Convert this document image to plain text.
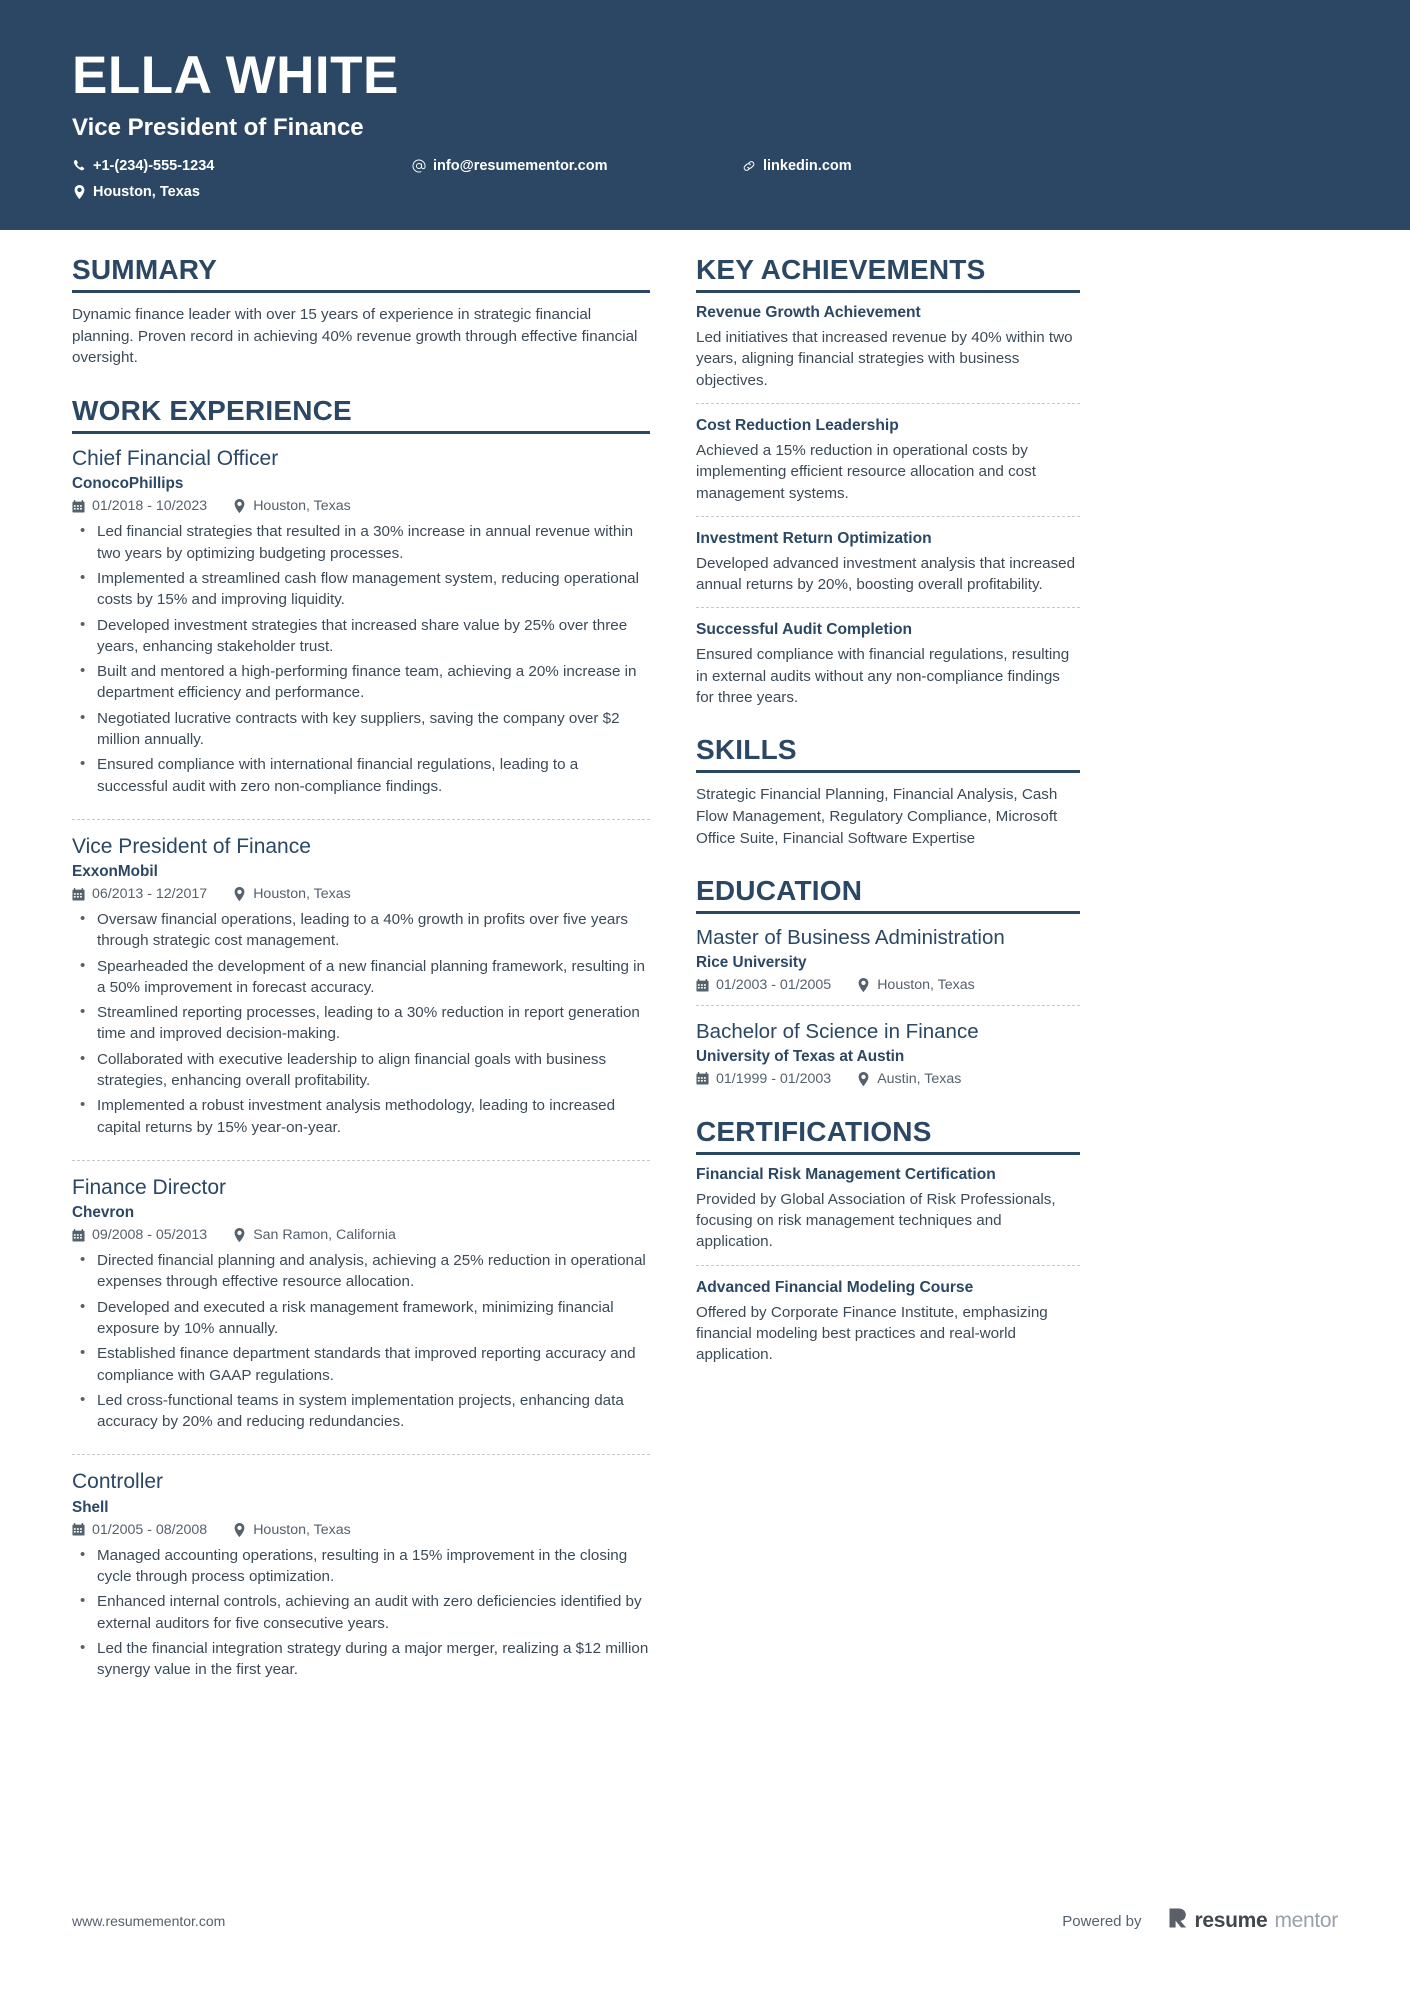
ELLA WHITE
Vice President of Finance
+1-(234)-555-1234
Houston, Texas
info@resumementor.com	linkedin.com
SUMMARY
Dynamic finance leader with over 15 years of experience in strategic financial planning. Proven record in achieving 40% revenue growth through effective financial oversight.
WORK EXPERIENCE
Chief Financial Officer
ConocoPhillips
01/2018 - 10/2023	Houston, Texas
• Led financial strategies that resulted in a 30% increase in annual revenue within two years by optimizing budgeting processes.
• Implemented a streamlined cash flow management system, reducing operational costs by 15% and improving liquidity.
• Developed investment strategies that increased share value by 25% over three years, enhancing stakeholder trust.
• Built and mentored a high-performing finance team, achieving a 20% increase in department efficiency and performance.
• Negotiated lucrative contracts with key suppliers, saving the company over $2 million annually.
• Ensured compliance with international financial regulations, leading to a successful audit with zero non-compliance findings.
Vice President of Finance
ExxonMobil
06/2013 - 12/2017	Houston, Texas
• Oversaw financial operations, leading to a 40% growth in profits over five years through strategic cost management.
• Spearheaded the development of a new financial planning framework, resulting in a 50% improvement in forecast accuracy.
• Streamlined reporting processes, leading to a 30% reduction in report generation time and improved decision-making.
• Collaborated with executive leadership to align financial goals with business strategies, enhancing overall profitability.
• Implemented a robust investment analysis methodology, leading to increased capital returns by 15% year-on-year.
Finance Director
Chevron
09/2008 - 05/2013	San Ramon, California
• Directed financial planning and analysis, achieving a 25% reduction in operational expenses through effective resource allocation.
• Developed and executed a risk management framework, minimizing financial exposure by 10% annually.
• Established finance department standards that improved reporting accuracy and compliance with GAAP regulations.
• Led cross-functional teams in system implementation projects, enhancing data accuracy by 20% and reducing redundancies.
Controller
Shell
01/2005 - 08/2008	Houston, Texas
• Managed accounting operations, resulting in a 15% improvement in the closing cycle through process optimization.
• Enhanced internal controls, achieving an audit with zero deficiencies identified by external auditors for five consecutive years.
• Led the financial integration strategy during a major merger, realizing a $12 million synergy value in the first year.
KEY ACHIEVEMENTS
Revenue Growth Achievement
Led initiatives that increased revenue by 40% within two years, aligning financial strategies with business objectives.
Cost Reduction Leadership
Achieved a 15% reduction in operational costs by implementing efficient resource allocation and cost management systems.
Investment Return Optimization
Developed advanced investment analysis that increased annual returns by 20%, boosting overall profitability.
Successful Audit Completion
Ensured compliance with financial regulations, resulting in external audits without any non-compliance findings for three years.
SKILLS
Strategic Financial Planning, Financial Analysis, Cash Flow Management, Regulatory Compliance, Microsoft Office Suite, Financial Software Expertise
EDUCATION
Master of Business Administration
Rice University
01/2003 - 01/2005	Houston, Texas
Bachelor of Science in Finance
University of Texas at Austin
01/1999 - 01/2003	Austin, Texas
CERTIFICATIONS
Financial Risk Management Certification
Provided by Global Association of Risk Professionals, focusing on risk management techniques and application.
Advanced Financial Modeling Course
Offered by Corporate Finance Institute, emphasizing financial modeling best practices and real-world application.
www.resumementor.com	Powered by	resume mentor
